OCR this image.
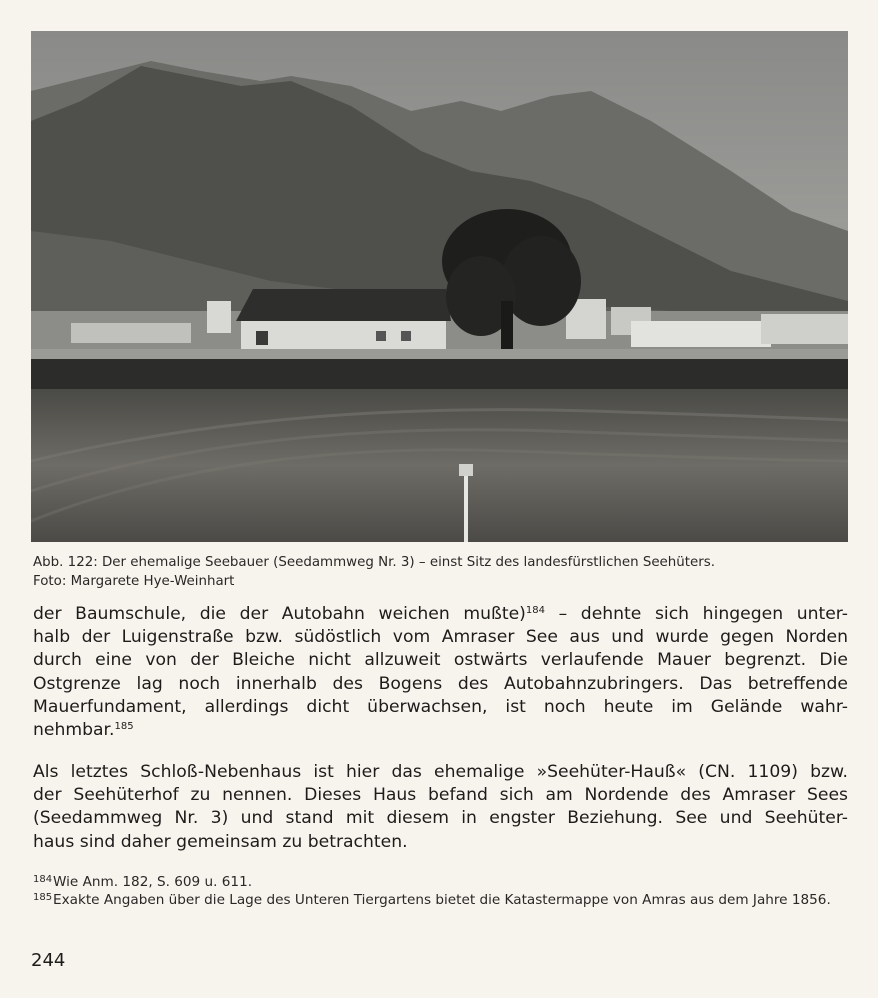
Abb. 122: Der ehemalige Seebauer (Seedammweg Nr. 3) – einst Sitz des landesfürstlichen Seehüters.
Foto: Margarete Hye-Weinhart
der Baumschule, die der Autobahn weichen mußte)$^{184}$ – dehnte sich hingegen unter-
halb der Luigenstraße bzw. südöstlich vom Amraser See aus und wurde gegen Norden
durch eine von der Bleiche nicht allzuweit ostwärts verlaufende Mauer begrenzt. Die
Ostgrenze lag noch innerhalb des Bogens des Autobahnzubringers. Das betreffende
Mauerfundament, allerdings dicht überwachsen, ist noch heute im Gelände wahr-
nehmbar.$^{185}$
Als letztes Schloß-Nebenhaus ist hier das ehemalige »Seehüter-Hauß« (CN. 1109) bzw.
der Seehüterhof zu nennen. Dieses Haus befand sich am Nordende des Amraser Sees
(Seedammweg Nr. 3) und stand mit diesem in engster Beziehung. See und Seehüter-
haus sind daher gemeinsam zu betrachten.
184 Wie Anm. 182, S. 609 u. 611.
185 Exakte Angaben über die Lage des Unteren Tiergartens bietet die Katastermappe von Amras aus dem Jahre 1856.
244
